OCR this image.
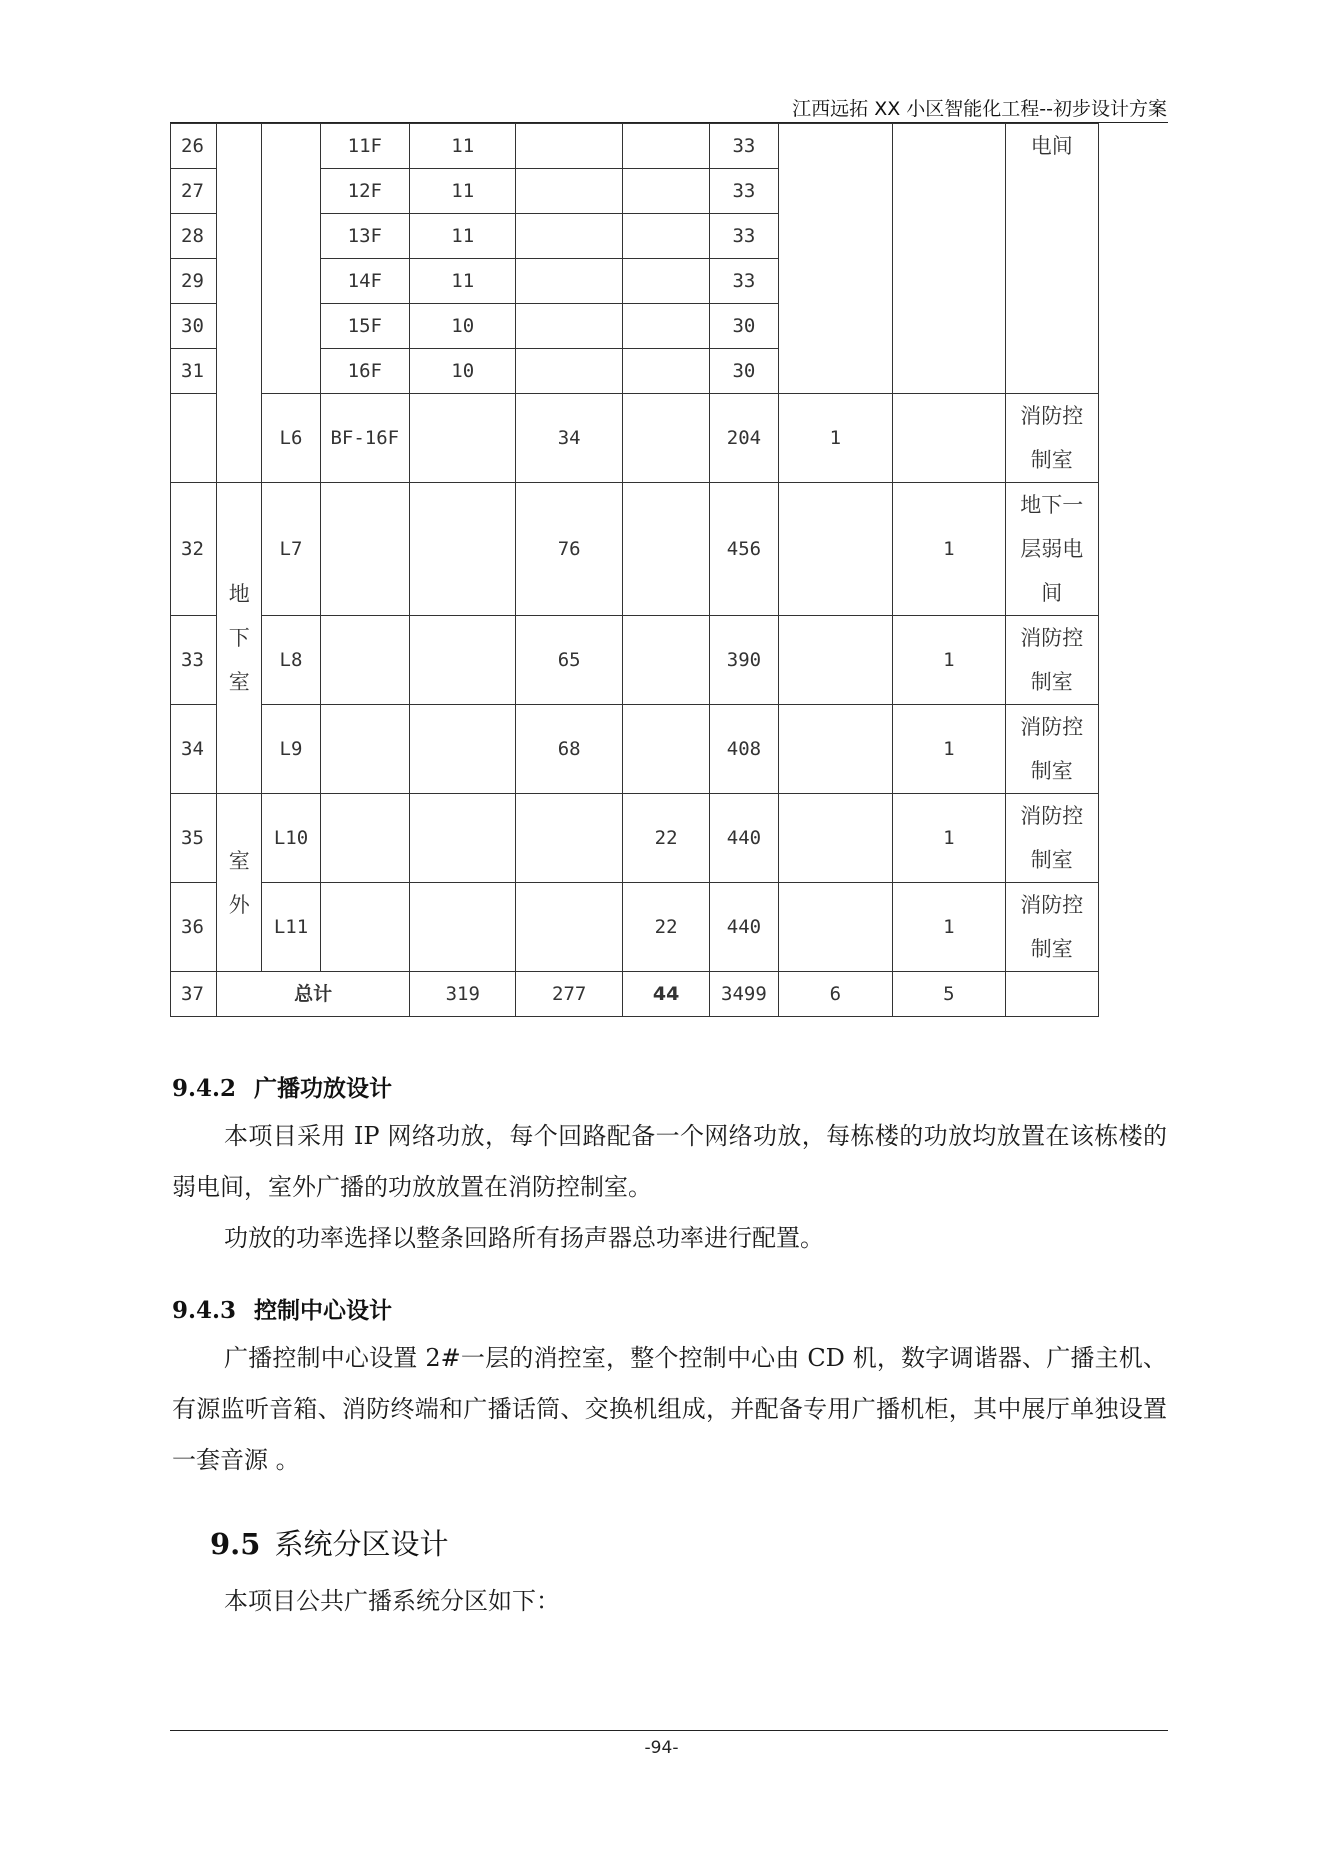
江西远拓 XX 小区智能化工程--初步设计方案
26			11F	11			33			电间

27			12F	11			33			
28			13F	11			33			
29			14F	11			33			
30			15F	10			30			
31			16F	10			30			
		L6	BF-16F		34		204	1		消防控制室

32	地下室	L7			76		456		1	地下一层弱电间

33		L8			65		390		1	消防控制室

34		L9			68		408		1	消防控制室

35	室外	L10				22	440		1	消防控制室

36		L11				22	440		1	消防控制室

37	总计			319	277	44	3499	6	5	
9.4.2 广播功放设计

本项目采用 IP 网络功放，每个回路配备一个网络功放，每栋楼的功放均放置在该栋楼的弱电间，室外广播的功放放置在消防控制室。

功放的功率选择以整条回路所有扬声器总功率进行配置。

9.4.3 控制中心设计

广播控制中心设置 2#一层的消控室，整个控制中心由 CD 机，数字调谐器、广播主机、有源监听音箱、消防终端和广播话筒、交换机组成，并配备专用广播机柜，其中展厅单独设置一套音源 。

9.5 系统分区设计

本项目公共广播系统分区如下：

-94-
